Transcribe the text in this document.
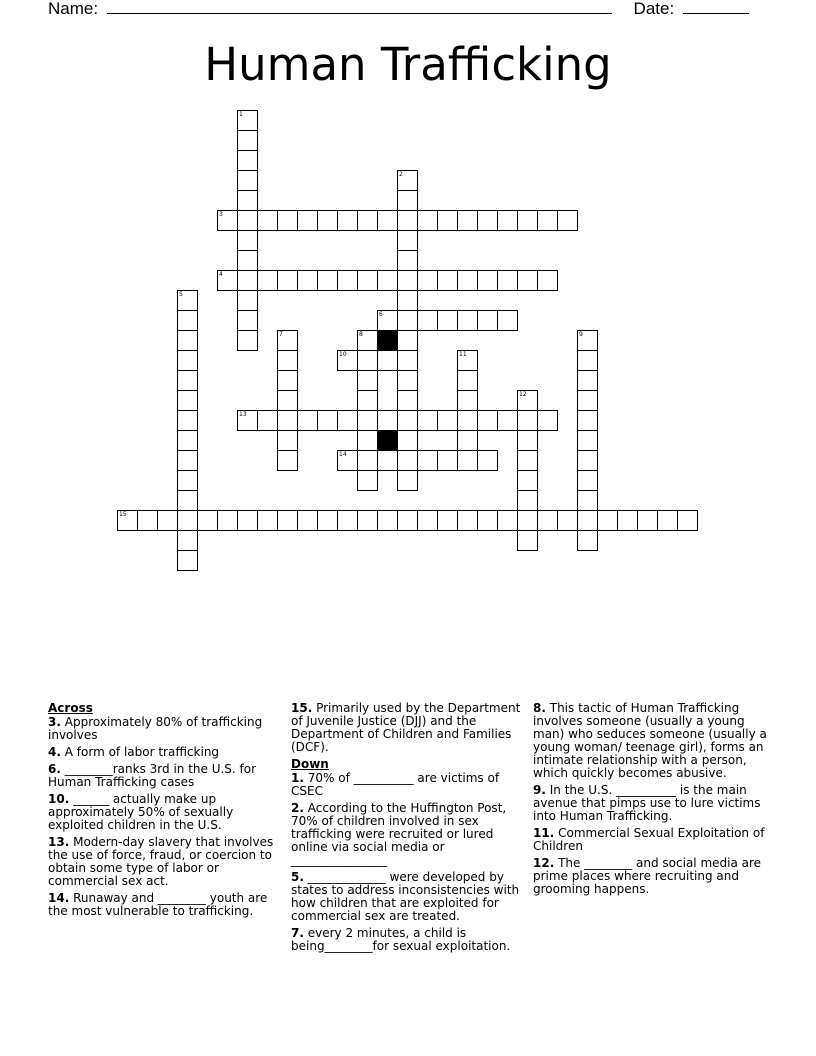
Name:	Date:
Human Trafficking
1
2
3
4
5
6
7	8	9
10	11
12
13
14
15
Across
3. Approximately 80% of trafficking involves
4. A form of labor trafficking
6. ________ranks 3rd in the U.S. for Human Trafficking cases
10. ______ actually make up approximately 50% of sexually exploited children in the U.S.
13. Modern-day slavery that involves the use of force, fraud, or coercion to obtain some type of labor or commercial sex act.
14. Runaway and ________ youth are the most vulnerable to trafficking.
15. Primarily used by the Department of Juvenile Justice (DJJ) and the Department of Children and Families (DCF).
Down
1. 70% of __________ are victims of CSEC
2. According to the Huffington Post, 70% of children involved in sex trafficking were recruited or lured online via social media or ________________
5. _____________ were developed by states to address inconsistencies with how children that are exploited for commercial sex are treated.
7. every 2 minutes, a child is being________for sexual exploitation.
8. This tactic of Human Trafficking involves someone (usually a young man) who seduces someone (usually a young woman/ teenage girl), forms an intimate relationship with a person, which quickly becomes abusive.
9. In the U.S. __________ is the main avenue that pimps use to lure victims into Human Trafficking.
11. Commercial Sexual Exploitation of Children
12. The ________ and social media are prime places where recruiting and grooming happens.
